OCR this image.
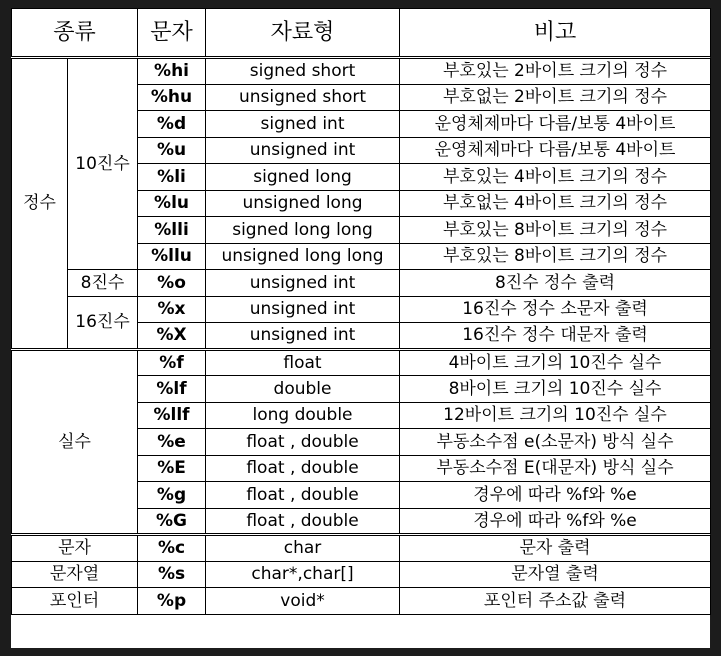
종류		문자	자료형	비고
정수	10진수	%hi	signed short	부호있는 2바이트 크기의 정수
		%hu	unsigned short	부호없는 2바이트 크기의 정수
		%d	signed int	운영체제마다 다름/보통 4바이트
		%u	unsigned int	운영체제마다 다름/보통 4바이트
		%li	signed long	부호있는 4바이트 크기의 정수
		%lu	unsigned long	부호없는 4바이트 크기의 정수
		%lli	signed long long	부호있는 8바이트 크기의 정수
		%llu	unsigned long long	부호있는 8바이트 크기의 정수
	8진수	%o	unsigned int	8진수 정수 출력
	16진수	%x	unsigned int	16진수 정수 소문자 출력
		%X	unsigned int	16진수 정수 대문자 출력
실수		%f	float	4바이트 크기의 10진수 실수
		%lf	double	8바이트 크기의 10진수 실수
		%llf	long double	12바이트 크기의 10진수 실수
		%e	float , double	부동소수점 e(소문자) 방식 실수
		%E	float , double	부동소수점 E(대문자) 방식 실수
		%g	float , double	경우에 따라 %f와 %e
		%G	float , double	경우에 따라 %f와 %e
문자		%c	char	문자 출력
문자열		%s	char*,char[]	문자열 출력
포인터		%p	void*	포인터 주소값 출력
